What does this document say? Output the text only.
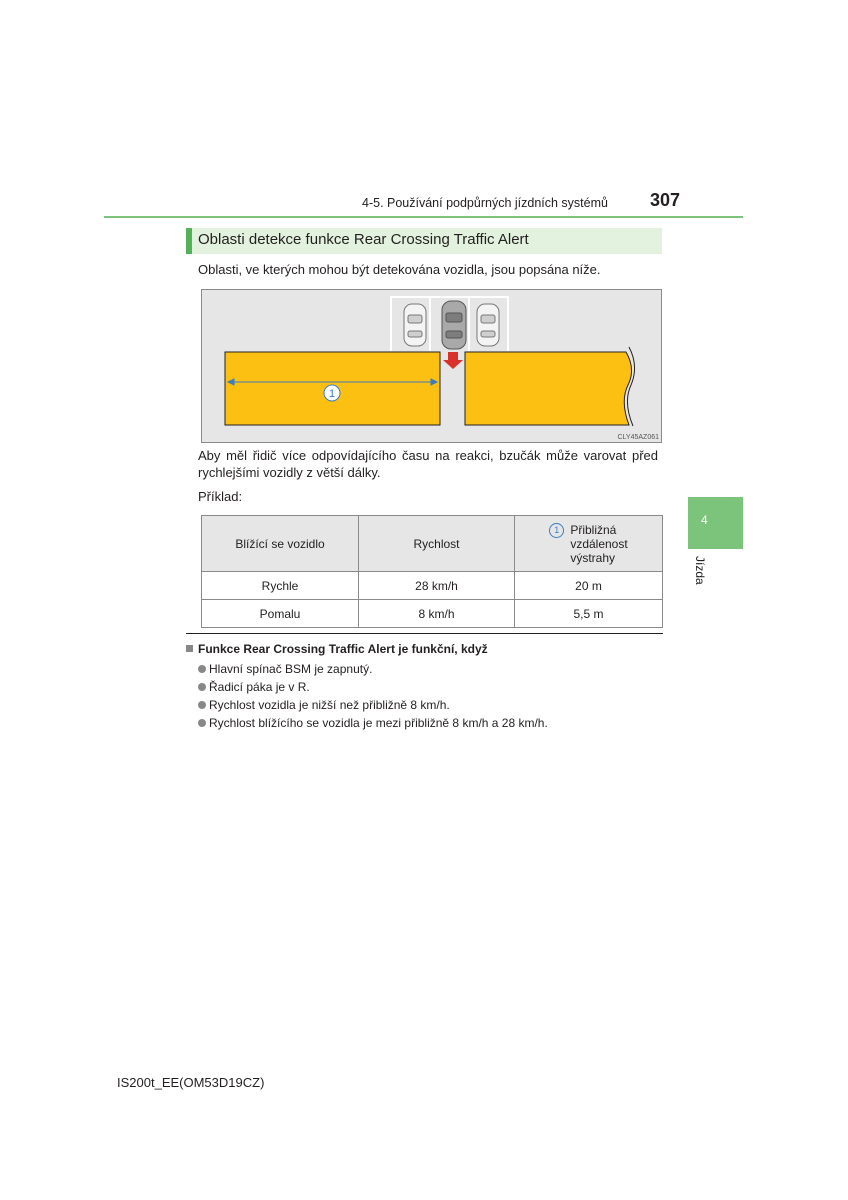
4-5. Používání podpůrných jízdních systémů 307
4
Jízda
Oblasti detekce funkce Rear Crossing Traffic Alert
Oblasti, ve kterých mohou být detekována vozidla, jsou popsána níže.
1
CLY45AZ061
Aby měl řidič více odpovídajícího času na reakci, bzučák může varovat před
rychlejšími vozidly z větší dálky.
Příklad:
Blížící se vozidlo	Rychlost	1 Přibližná
vzdálenost
výstrahy

Rychle	28 km/h	20 m
Pomalu	8 km/h	5,5 m
Funkce Rear Crossing Traffic Alert je funkční, když
Hlavní spínač BSM je zapnutý.
Řadicí páka je v R.
Rychlost vozidla je nižší než přibližně 8 km/h.
Rychlost blížícího se vozidla je mezi přibližně 8 km/h a 28 km/h.
IS200t_EE(OM53D19CZ)
